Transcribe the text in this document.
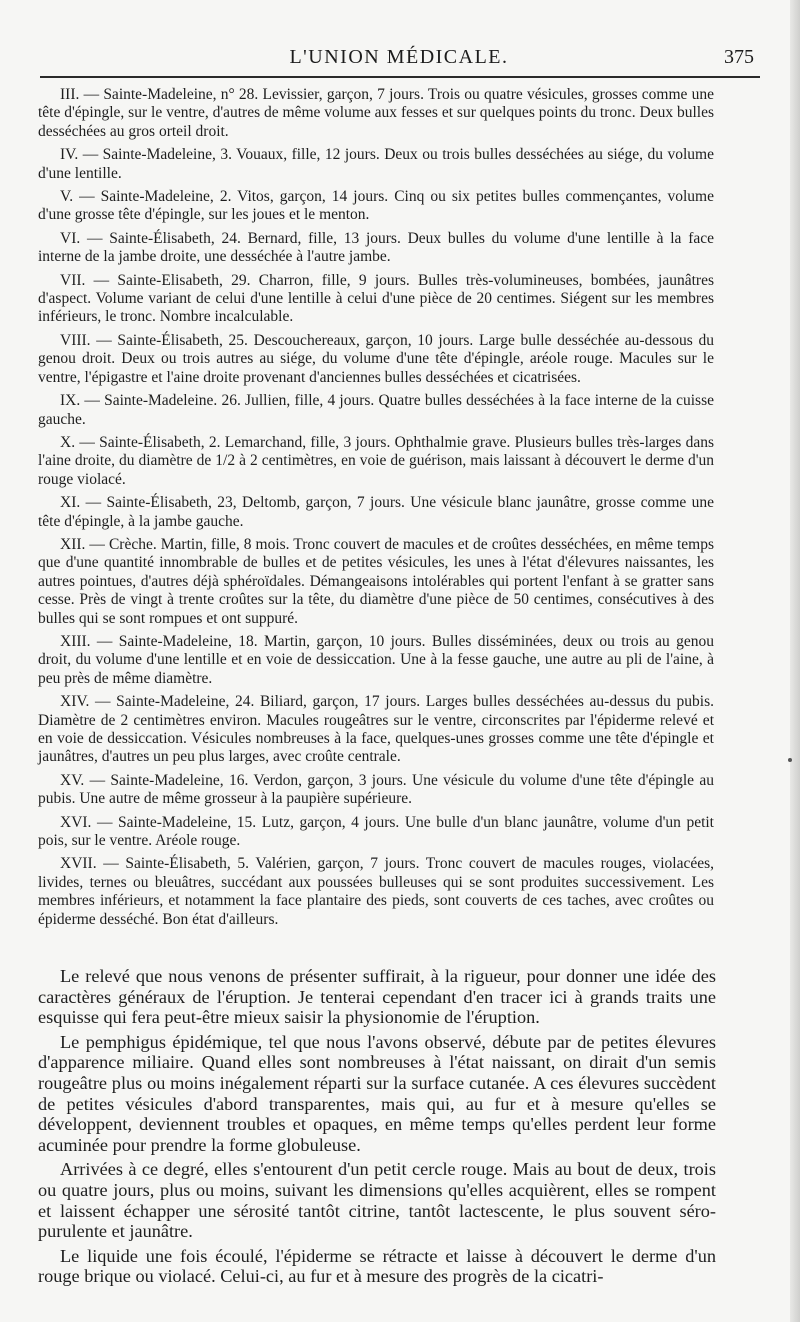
L'UNION MÉDICALE.	375

III. — Sainte-Madeleine, n° 28. Levissier, garçon, 7 jours. Trois ou quatre vésicules, grosses comme une tête d'épingle, sur le ventre, d'autres de même volume aux fesses et sur quelques points du tronc. Deux bulles desséchées au gros orteil droit.

IV. — Sainte-Madeleine, 3. Vouaux, fille, 12 jours. Deux ou trois bulles desséchées au siége, du volume d'une lentille.

V. — Sainte-Madeleine, 2. Vitos, garçon, 14 jours. Cinq ou six petites bulles commençantes, volume d'une grosse tête d'épingle, sur les joues et le menton.

VI. — Sainte-Élisabeth, 24. Bernard, fille, 13 jours. Deux bulles du volume d'une lentille à la face interne de la jambe droite, une desséchée à l'autre jambe.

VII. — Sainte-Elisabeth, 29. Charron, fille, 9 jours. Bulles très-volumineuses, bombées, jaunâtres d'aspect. Volume variant de celui d'une lentille à celui d'une pièce de 20 centimes. Siégent sur les membres inférieurs, le tronc. Nombre incalculable.

VIII. — Sainte-Élisabeth, 25. Descouchereaux, garçon, 10 jours. Large bulle desséchée au-dessous du genou droit. Deux ou trois autres au siége, du volume d'une tête d'épingle, aréole rouge. Macules sur le ventre, l'épigastre et l'aine droite provenant d'anciennes bulles desséchées et cicatrisées.

IX. — Sainte-Madeleine. 26. Jullien, fille, 4 jours. Quatre bulles desséchées à la face interne de la cuisse gauche.

X. — Sainte-Élisabeth, 2. Lemarchand, fille, 3 jours. Ophthalmie grave. Plusieurs bulles très-larges dans l'aine droite, du diamètre de 1/2 à 2 centimètres, en voie de guérison, mais laissant à découvert le derme d'un rouge violacé.

XI. — Sainte-Élisabeth, 23, Deltomb, garçon, 7 jours. Une vésicule blanc jaunâtre, grosse comme une tête d'épingle, à la jambe gauche.

XII. — Crèche. Martin, fille, 8 mois. Tronc couvert de macules et de croûtes desséchées, en même temps que d'une quantité innombrable de bulles et de petites vésicules, les unes à l'état d'élevures naissantes, les autres pointues, d'autres déjà sphéroïdales. Démangeaisons intolérables qui portent l'enfant à se gratter sans cesse. Près de vingt à trente croûtes sur la tête, du diamètre d'une pièce de 50 centimes, consécutives à des bulles qui se sont rompues et ont suppuré.

XIII. — Sainte-Madeleine, 18. Martin, garçon, 10 jours. Bulles disséminées, deux ou trois au genou droit, du volume d'une lentille et en voie de dessiccation. Une à la fesse gauche, une autre au pli de l'aine, à peu près de même diamètre.

XIV. — Sainte-Madeleine, 24. Biliard, garçon, 17 jours. Larges bulles desséchées au-dessus du pubis. Diamètre de 2 centimètres environ. Macules rougeâtres sur le ventre, circonscrites par l'épiderme relevé et en voie de dessiccation. Vésicules nombreuses à la face, quelques-unes grosses comme une tête d'épingle et jaunâtres, d'autres un peu plus larges, avec croûte centrale.

XV. — Sainte-Madeleine, 16. Verdon, garçon, 3 jours. Une vésicule du volume d'une tête d'épingle au pubis. Une autre de même grosseur à la paupière supérieure.

XVI. — Sainte-Madeleine, 15. Lutz, garçon, 4 jours. Une bulle d'un blanc jaunâtre, volume d'un petit pois, sur le ventre. Aréole rouge.

XVII. — Sainte-Élisabeth, 5. Valérien, garçon, 7 jours. Tronc couvert de macules rouges, violacées, livides, ternes ou bleuâtres, succédant aux poussées bulleuses qui se sont produites successivement. Les membres inférieurs, et notamment la face plantaire des pieds, sont couverts de ces taches, avec croûtes ou épiderme desséché. Bon état d'ailleurs.

Le relevé que nous venons de présenter suffirait, à la rigueur, pour donner une idée des caractères généraux de l'éruption. Je tenterai cependant d'en tracer ici à grands traits une esquisse qui fera peut-être mieux saisir la physionomie de l'éruption.

Le pemphigus épidémique, tel que nous l'avons observé, débute par de petites élevures d'apparence miliaire. Quand elles sont nombreuses à l'état naissant, on dirait d'un semis rougeâtre plus ou moins inégalement réparti sur la surface cutanée. A ces élevures succèdent de petites vésicules d'abord transparentes, mais qui, au fur et à mesure qu'elles se développent, deviennent troubles et opaques, en même temps qu'elles perdent leur forme acuminée pour prendre la forme globuleuse.

Arrivées à ce degré, elles s'entourent d'un petit cercle rouge. Mais au bout de deux, trois ou quatre jours, plus ou moins, suivant les dimensions qu'elles acquièrent, elles se rompent et laissent échapper une sérosité tantôt citrine, tantôt lactescente, le plus souvent séro-purulente et jaunâtre.

Le liquide une fois écoulé, l'épiderme se rétracte et laisse à découvert le derme d'un rouge brique ou violacé. Celui-ci, au fur et à mesure des progrès de la cicatri-
